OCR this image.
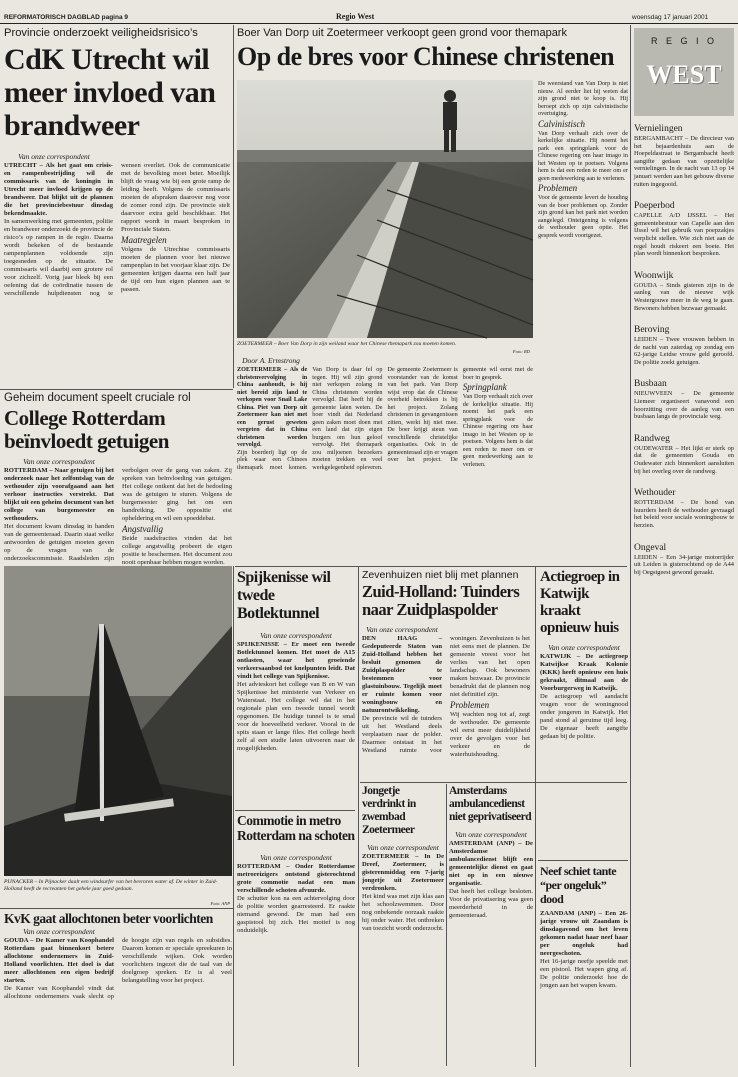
REFORMATORISCH DAGBLAD pagina 9	Regio West	woensdag 17 januari 2001
Provincie onderzoekt veiligheidsrisico’s
CdK Utrecht wil meer invloed van brandweer
Van onze correspondent

UTRECHT – Als het gaat om crisis- en rampenbestrijding wil de commissaris van de koningin in Utrecht meer invloed krijgen op de brandweer. Dat blijkt uit de plannen die het provinciebestuur dinsdag bekendmaakte.

In samenwerking met gemeenten, politie en brandweer onderzoekt de provincie de risico’s op rampen in de regio. Daarna wordt bekeken of de bestaande rampenplannen voldoende zijn toegesneden op de situatie. De commissaris wil daarbij een grotere rol voor zichzelf. Vorig jaar bleek bij een oefening dat de coördinatie tussen de verschillende hulpdiensten nog te wensen overliet. Ook de communicatie met de bevolking moet beter. Moeilijk blijft de vraag wie bij een grote ramp de leiding heeft. Volgens de commissaris moeten de afspraken daarover nog voor de zomer rond zijn. De provincie stelt daarvoor extra geld beschikbaar. Het rapport wordt in maart besproken in Provinciale Staten.

Maatregelen

Volgens de Utrechtse commissaris moeten de plannen voor het nieuwe rampenplan in het voorjaar klaar zijn. De gemeenten krijgen daarna een half jaar de tijd om hun eigen plannen aan te passen.

Boer Van Dorp uit Zoetermeer verkoopt geen grond voor themapark
Op de bres voor Chinese christenen
ZOETERMEER – Boer Van Dorp in zijn weiland waar het Chinese themapark zou moeten komen.
Foto: RD
Door A. Ermstrong

ZOETERMEER – Als de christenvervolging in China aanhoudt, is hij niet bereid zijn land te verkopen voor Snail Lake China. Piet van Dorp uit Zoetermeer kan niet met een gerust geweten vergeten dat in China christenen worden vervolgd.

Zijn boerderij ligt op de plek waar een Chinees themapark moet komen. Van Dorp is daar fel op tegen. Hij wil zijn grond niet verkopen zolang in China christenen worden vervolgd. Dat heeft hij de gemeente laten weten. De boer vindt dat Nederland geen zaken moet doen met een land dat zijn eigen burgers om hun geloof vervolgt. Het themapark zou miljoenen bezoekers moeten trekken en veel werkgelegenheid opleveren. De gemeente Zoetermeer is voorstander van de komst van het park. Van Dorp wijst erop dat de Chinese overheid betrokken is bij het project. Zolang christenen in gevangenissen zitten, werkt hij niet mee. De boer krijgt steun van verschillende christelijke organisaties. Ook in de gemeenteraad zijn er vragen over het project. De gemeente wil eerst met de boer in gesprek.

Springplank

Van Dorp verhaalt zich over de kerkelijke situatie. Hij noemt het park een springplank voor de Chinese regering om haar imago in het Westen op te poetsen. Volgens hem is dat een reden te meer om er geen medewerking aan te verlenen.

De weerstand van Van Dorp is niet nieuw. Al eerder liet hij weten dat zijn grond niet te koop is. Hij beroept zich op zijn calvinistische overtuiging.

Calvinistisch

Van Dorp verhaalt zich over de kerkelijke situatie. Hij noemt het park een springplank voor de Chinese regering om haar imago in het Westen op te poetsen. Volgens hem is dat een reden te meer om er geen medewerking aan te verlenen.

Problemen

Voor de gemeente levert de houding van de boer problemen op. Zonder zijn grond kan het park niet worden aangelegd. Onteigening is volgens de wethouder geen optie. Het gesprek wordt voortgezet.

Geheim document speelt cruciale rol
College Rotterdam beïnvloedt getuigen
Van onze correspondent

ROTTERDAM – Naar getuigen bij het onderzoek naar het zelfontslag van de wethouder zijn voorafgaand aan het verhoor instructies verstrekt. Dat blijkt uit een geheim document van het college van burgemeester en wethouders.

Het document kwam dinsdag in handen van de gemeenteraad. Daarin staat welke antwoorden de getuigen moeten geven op de vragen van de onderzoekscommissie. Raadsleden zijn verbolgen over de gang van zaken. Zij spreken van beïnvloeding van getuigen. Het college ontkent dat het de bedoeling was de getuigen te sturen. Volgens de burgemeester ging het om een handreiking. De oppositie eist opheldering en wil een spoeddebat.

Angstvallig

Beide raadsfracties vinden dat het college angstvallig probeert de eigen positie te beschermen. Het document zou nooit openbaar hebben mogen worden.

PIJNACKER – In Pijnacker daalt een windsurfer van het bevroren water af. De winter in Zuid-Holland heeft de recreanten het gehele jaar goed gedaan.
Foto: ANP
KvK gaat allochtonen beter voorlichten
Van onze correspondent

GOUDA – De Kamer van Koophandel Rotterdam gaat binnenkort betere allochtone ondernemers in Zuid-Holland voorlichten. Het doel is dat meer allochtonen een eigen bedrijf starten.

De Kamer van Koophandel vindt dat allochtone ondernemers vaak slecht op de hoogte zijn van regels en subsidies. Daarom komen er speciale spreekuren in verschillende wijken. Ook worden voorlichters ingezet die de taal van de doelgroep spreken. Er is al veel belangstelling voor het project.

Spijkenisse wil twede Botlektunnel
Van onze correspondent

SPIJKENISSE – Er moet een tweede Botlektunnel komen. Het moet de A15 ontlasten, waar het groeiende verkeersaanbod tot knelpunten leidt. Dat vindt het college van Spijkenisse.

Het advieskort het college van B en W van Spijkenisse het ministerie van Verkeer en Waterstaat. Het college wil dat in het regionale plan een tweede tunnel wordt opgenomen. De huidige tunnel is te smal voor de hoeveelheid verkeer. Vooral in de spits staan er lange files. Het college heeft zelf al een studie laten uitvoeren naar de mogelijkheden.

Commotie in metro Rotterdam na schoten
Van onze correspondent

ROTTERDAM – Onder Rotterdamse metroreizigers ontstond gisterochtend grote commotie nadat een man verschillende schoten afvuurde.

De schutter kon na een achtervolging door de politie worden gearresteerd. Er raakte niemand gewond. De man had een gaspistool bij zich. Het motief is nog onduidelijk.

Zevenhuizen niet blij met plannen
Zuid-Holland: Tuinders naar Zuidplaspolder
Van onze correspondent

DEN HAAG – Gedeputeerde Staten van Zuid-Holland hebben het besluit genomen de Zuidplaspolder te bestemmen voor glastuinbouw. Tegelijk moet er ruimte komen voor woningbouw en natuurontwikkeling.

De provincie wil de tuinders uit het Westland deels verplaatsen naar de polder. Daarmee ontstaat in het Westland ruimte voor woningen. Zevenhuizen is het niet eens met de plannen. De gemeente vreest voor het verlies van het open landschap. Ook bewoners maken bezwaar. De provincie benadrukt dat de plannen nog niet definitief zijn.

Problemen

Wij wachten nog tot af, zegt de wethouder. De gemeente wil eerst meer duidelijkheid over de gevolgen voor het verkeer en de waterhuishouding.

Jongetje verdrinkt in zwembad Zoetermeer
Van onze correspondent

ZOETERMEER – In De Dreef, Zoetermeer, is gisterenmiddag een 7-jarig jongetje uit Zoetermeer verdronken.

Het kind was met zijn klas aan het schoolzwemmen. Door nog onbekende oorzaak raakte hij onder water. Het ontbreken van toezicht wordt onderzocht.

Amsterdams ambulancedienst niet geprivatiseerd
Van onze correspondent

AMSTERDAM (ANP) – De Amsterdamse ambulancedienst blijft een gemeentelijke dienst en gaat niet op in een nieuwe organisatie.

Dat heeft het college besloten. Voor de privatisering was geen meerderheid in de gemeenteraad.

Actiegroep in Katwijk kraakt opnieuw huis
Van onze correspondent

KATWIJK – De actiegroep Katwijkse Kraak Kolonie (KKK) heeft opnieuw een huis gekraakt, ditmaal aan de Voorburgerweg in Katwijk.

De actiegroep wil aandacht vragen voor de woningnood onder jongeren in Katwijk. Het pand stond al geruime tijd leeg. De eigenaar heeft aangifte gedaan bij de politie.

Neef schiet tante “per ongeluk” dood

ZAANDAM (ANP) – Een 26-jarige vrouw uit Zaandam is dinsdagavond om het leven gekomen nadat haar neef haar per ongeluk had neergeschoten.

Het 16-jarige neefje speelde met een pistool. Het wapen ging af. De politie onderzoekt hoe de jongen aan het wapen kwam.

R E G I O
WEST
Vernielingen
BERGAMBACHT – De directeur van het bejaardenhuis aan de Hoepeldastraat te Bergambacht heeft aangifte gedaan van opzettelijke vernielingen. In de nacht van 13 op 14 januari werden aan het gebouw diverse ruiten ingegooid.
Poeperbod
CAPELLE A/D IJSSEL – Het gemeentebestuur van Capelle aan den IJssel wil het gebruik van poepzakjes verplicht stellen. Wie zich niet aan de regel houdt riskeert een boete. Het plan wordt binnenkort besproken.
Woonwijk
GOUDA – Sinds gisteren zijn in de aanleg van de nieuwe wijk Westergouwe meer in de weg te gaan. Bewoners hebben bezwaar gemaakt.
Beroving
LEIDEN – Twee vrouwen hebben in de nacht van zaterdag op zondag een 62-jarige Leidse vrouw geld geroofd. De politie zoekt getuigen.
Busbaan
NIEUWVEEN – De gemeente Liemeer organiseert vanavond een hoorzitting over de aanleg van een busbaan langs de provinciale weg.
Randweg
OUDEWATER – Het lijkt er sterk op dat de gemeenten Gouda en Oudewater zich binnenkort aansluiten bij het overleg over de randweg.
Wethouder
ROTTERDAM – De bond van huurders heeft de wethouder gevraagd het beleid voor sociale woningbouw te herzien.
Ongeval
LEIDEN – Een 34-jarige motorrijder uit Leiden is gisterochtend op de A44 bij Oegstgeest gewond geraakt.
